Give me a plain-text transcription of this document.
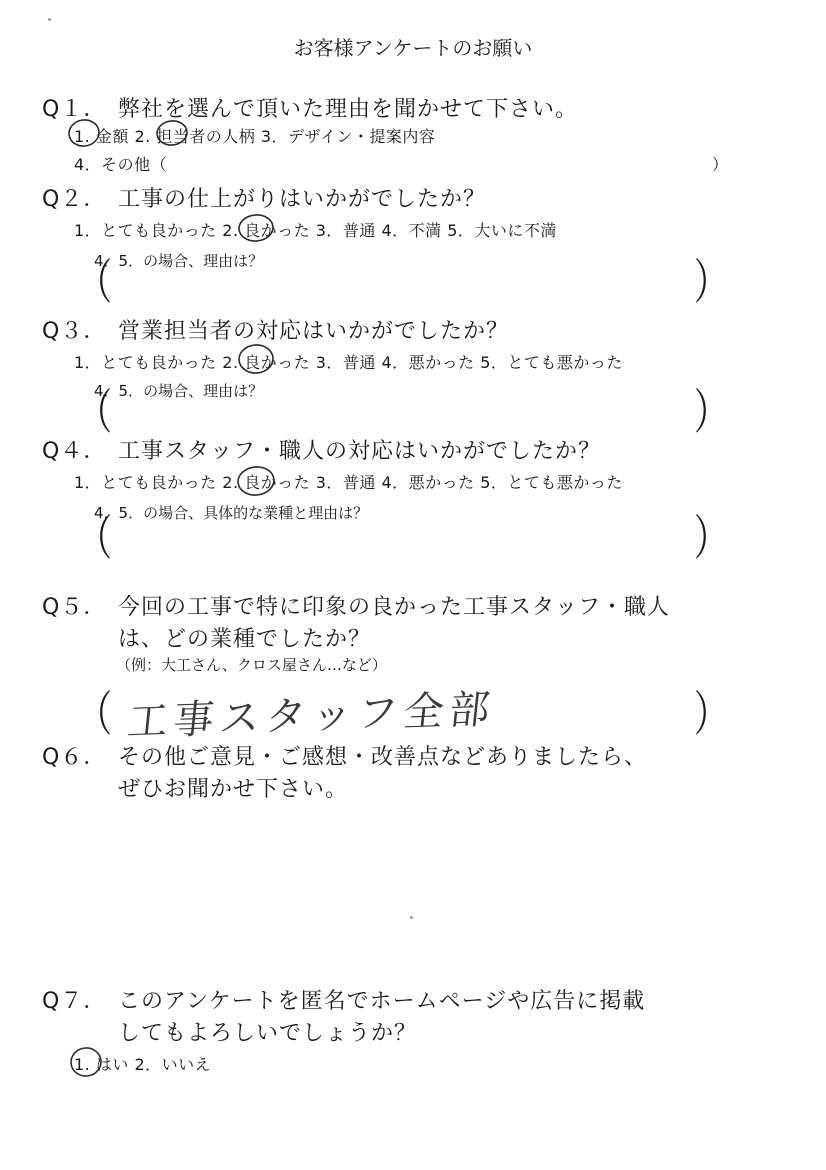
お客様アンケートのお願い
Q１． 弊社を選んで頂いた理由を聞かせて下さい。
1. 金額 2. 担当者の人柄 3．デザイン・提案内容
4．その他（	）
Q２． 工事の仕上がりはいかがでしたか？
1．とても良かった 2. 良かった 3．普通 4．不満 5．大いに不満
（
4．5．の場合、理由は？	）
Q３． 営業担当者の対応はいかがでしたか？
1．とても良かった 2. 良かった 3．普通 4．悪かった 5．とても悪かった
（
4．5．の場合、理由は？	）
Q４． 工事スタッフ・職人の対応はいかがでしたか？
1．とても良かった 2. 良かった 3．普通 4．悪かった 5．とても悪かった
（
4．5．の場合、具体的な業種と理由は？	）
Q５． 今回の工事で特に印象の良かった工事スタッフ・職人
は、どの業種でしたか？
（例：大工さん、クロス屋さん…など）
（ 工事スタッフ全部	）
Q６． その他ご意見・ご感想・改善点などありましたら、
ぜひお聞かせ下さい。
Q７． このアンケートを匿名でホームページや広告に掲載
してもよろしいでしょうか？
1. はい 2．いいえ
